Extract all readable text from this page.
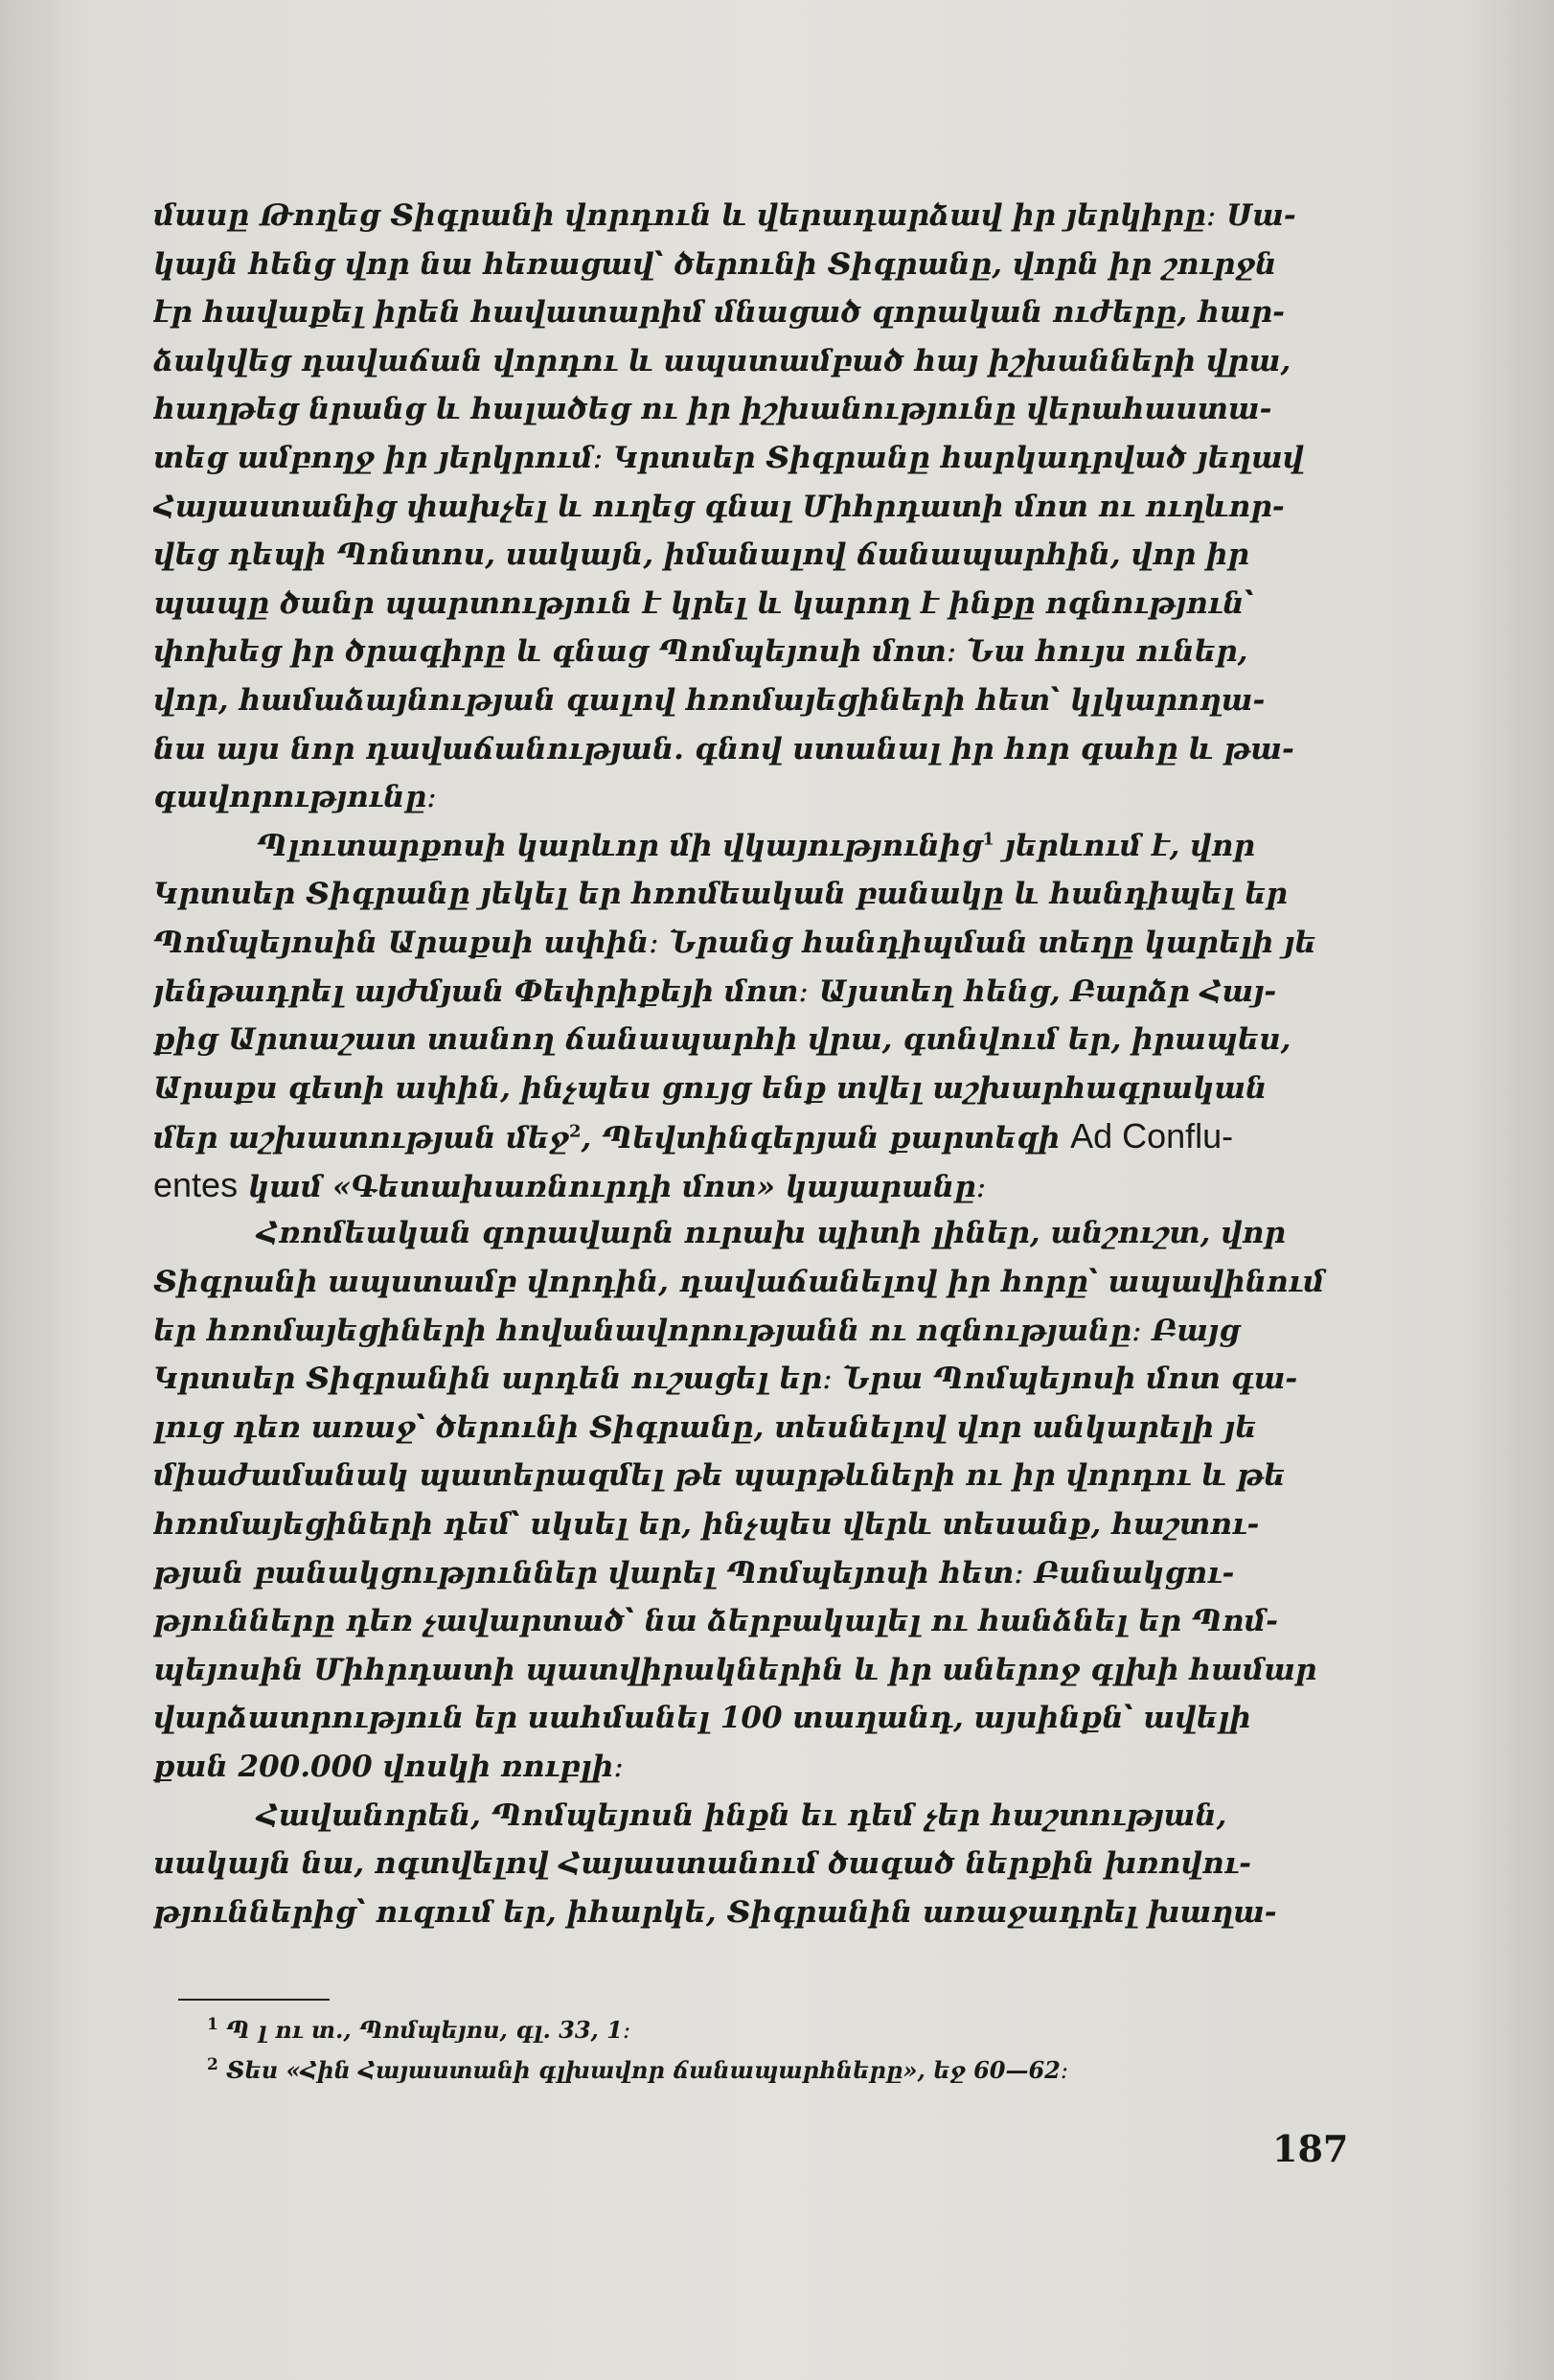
մասը Թողեց Տիգրանի վորդուն և վերադարձավ իր յերկիրը։ Սա-
կայն հենց վոր նա հեռացավ՝ ծերունի Տիգրանը, վորն իր շուրջն
էր հավաքել իրեն հավատարիմ մնացած զորական ուժերը, հար-
ձակվեց դավաճան վորդու և ապստամբած հայ իշխանների վրա,
հաղթեց նրանց և հալածեց ու իր իշխանությունը վերահաստա-
տեց ամբողջ իր յերկրում։ Կրտսեր Տիգրանը հարկադրված յեղավ
Հայաստանից փախչել և ուղեց գնալ Միհրդատի մոտ ու ուղևոր-
վեց դեպի Պոնտոս, սակայն, իմանալով ճանապարհին, վոր իր
պապը ծանր պարտություն է կրել և կարող է ինքը ոգնություն՝
փոխեց իր ծրագիրը և գնաց Պոմպեյոսի մոտ։ Նա հույս ուներ,
վոր, համաձայնության գալով հռոմայեցիների հետ՝ կլկարողա-
նա այս նոր դավաճանության. գնով ստանալ իր հոր գահը և թա-
գավորությունը։
Պլուտարքոսի կարևոր մի վկայությունից$^1$ յերևում է, վոր
Կրտսեր Տիգրանը յեկել եր հռոմեական բանակը և հանդիպել եր
Պոմպեյոսին Արաքսի ափին։ Նրանց հանդիպման տեղը կարելի յե
յենթադրել այժմյան Փեփրիքեյի մոտ։ Այստեղ հենց, Բարձր Հայ-
քից Արտաշատ տանող ճանապարհի վրա, գտնվում եր, իրապես,
Արաքս գետի ափին, ինչպես ցույց ենք տվել աշխարհագրական
մեր աշխատության մեջ$^2$, Պեվտինգերյան քարտեզի Ad Conflu-
entes կամ «Գետախառնուրդի մոտ» կայարանը։
Հռոմեական զորավարն ուրախ պիտի լիներ, անշուշտ, վոր
Տիգրանի ապստամբ վորդին, դավաճանելով իր հորը՝ ապավինում
եր հռոմայեցիների հովանավորությանն ու ոգնությանը։ Բայց
Կրտսեր Տիգրանին արդեն ուշացել եր։ Նրա Պոմպեյոսի մոտ գա-
լուց դեռ առաջ՝ ծերունի Տիգրանը, տեսնելով վոր անկարելի յե
միաժամանակ պատերազմել թե պարթևների ու իր վորդու և թե
հռոմայեցիների դեմ՝ սկսել եր, ինչպես վերև տեսանք, հաշտու-
թյան բանակցություններ վարել Պոմպեյոսի հետ։ Բանակցու-
թյունները դեռ չավարտած՝ նա ձերբակալել ու հանձնել եր Պոմ-
պեյոսին Միհրդատի պատվիրակներին և իր աներոջ գլխի համար
վարձատրություն եր սահմանել 100 տաղանդ, այսինքն՝ ավելի
քան 200.000 վոսկի ռուբլի։
Հավանորեն, Պոմպեյոսն ինքն եւ դեմ չեր հաշտության,
սակայն նա, ոգտվելով Հայաստանում ծագած ներքին խռովու-
թյուններից՝ ուզում եր, իհարկե, Տիգրանին առաջադրել խաղա-
1 Պ լ ու տ., Պոմպեյոս, գլ. 33, 1։
2 Տես «Հին Հայաստանի գլխավոր ճանապարհները», եջ 60—62։
187
